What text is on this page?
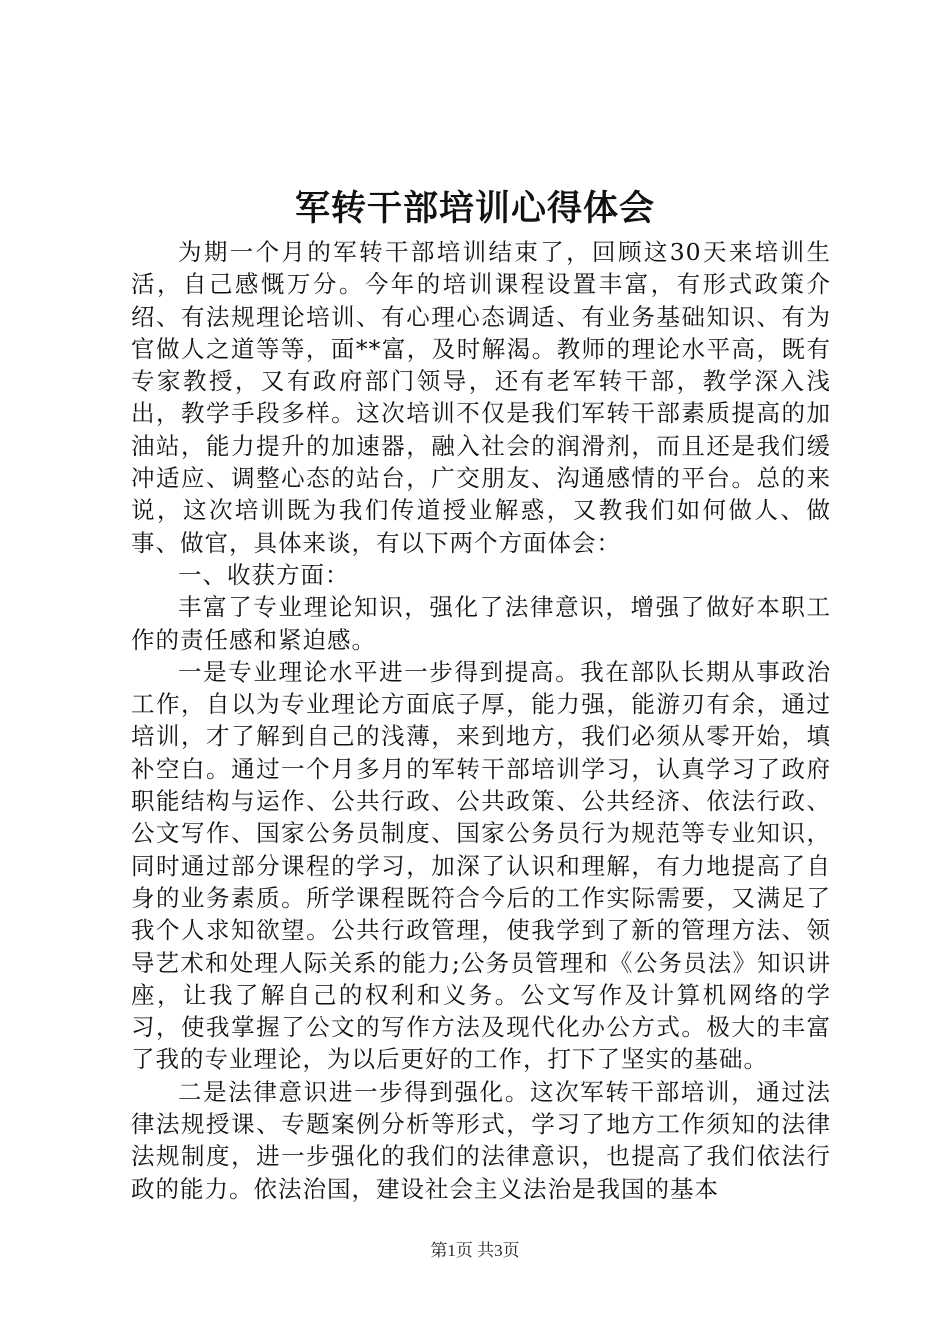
军转干部培训心得体会

为期一个月的军转干部培训结束了，回顾这30天来培训生活，自己感慨万分。今年的培训课程设置丰富，有形式政策介绍、有法规理论培训、有心理心态调适、有业务基础知识、有为官做人之道等等，面**富，及时解渴。教师的理论水平高，既有专家教授，又有政府部门领导，还有老军转干部，教学深入浅出，教学手段多样。这次培训不仅是我们军转干部素质提高的加油站，能力提升的加速器，融入社会的润滑剂，而且还是我们缓冲适应、调整心态的站台，广交朋友、沟通感情的平台。总的来说，这次培训既为我们传道授业解惑，又教我们如何做人、做事、做官，具体来谈，有以下两个方面体会：

一、收获方面：

丰富了专业理论知识，强化了法律意识，增强了做好本职工作的责任感和紧迫感。

一是专业理论水平进一步得到提高。我在部队长期从事政治工作，自以为专业理论方面底子厚，能力强，能游刃有余，通过培训，才了解到自己的浅薄，来到地方，我们必须从零开始，填补空白。通过一个月多月的军转干部培训学习，认真学习了政府职能结构与运作、公共行政、公共政策、公共经济、依法行政、公文写作、国家公务员制度、国家公务员行为规范等专业知识，同时通过部分课程的学习，加深了认识和理解，有力地提高了自身的业务素质。所学课程既符合今后的工作实际需要，又满足了我个人求知欲望。公共行政管理，使我学到了新的管理方法、领导艺术和处理人际关系的能力;公务员管理和《公务员法》知识讲座，让我了解自己的权利和义务。公文写作及计算机网络的学习，使我掌握了公文的写作方法及现代化办公方式。极大的丰富了我的专业理论，为以后更好的工作，打下了坚实的基础。

二是法律意识进一步得到强化。这次军转干部培训，通过法律法规授课、专题案例分析等形式，学习了地方工作须知的法律法规制度，进一步强化的我们的法律意识，也提高了我们依法行政的能力。依法治国，建设社会主义法治是我国的基本

第1页 共3页
